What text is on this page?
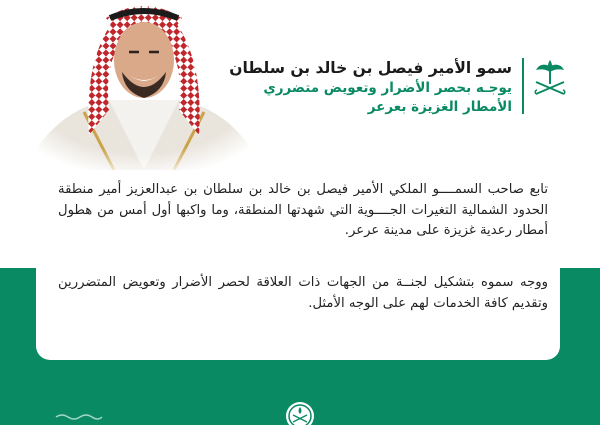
سمو الأمير فيصل بن خالد بن سلطان
يوجـه بحصر الأضرار وتعويض متضرري
الأمطار الغزيزة بعرعر
تابع صاحب السمــــو الملكي الأمير فيصل بن خالد بن سلطان بن عبدالعزيز أمير منطقة الحدود الشمالية التغيرات الجــــوية التي شهدتها المنطقة، وما واكبها أول أمس من هطول أمطار رعدية غزيزة على مدينة عرعر.
ووجه سموه بتشكيل لجنــة من الجهات ذات العلاقة لحصر الأضرار وتعويض المتضررين وتقديم كافة الخدمات لهم على الوجه الأمثل.
